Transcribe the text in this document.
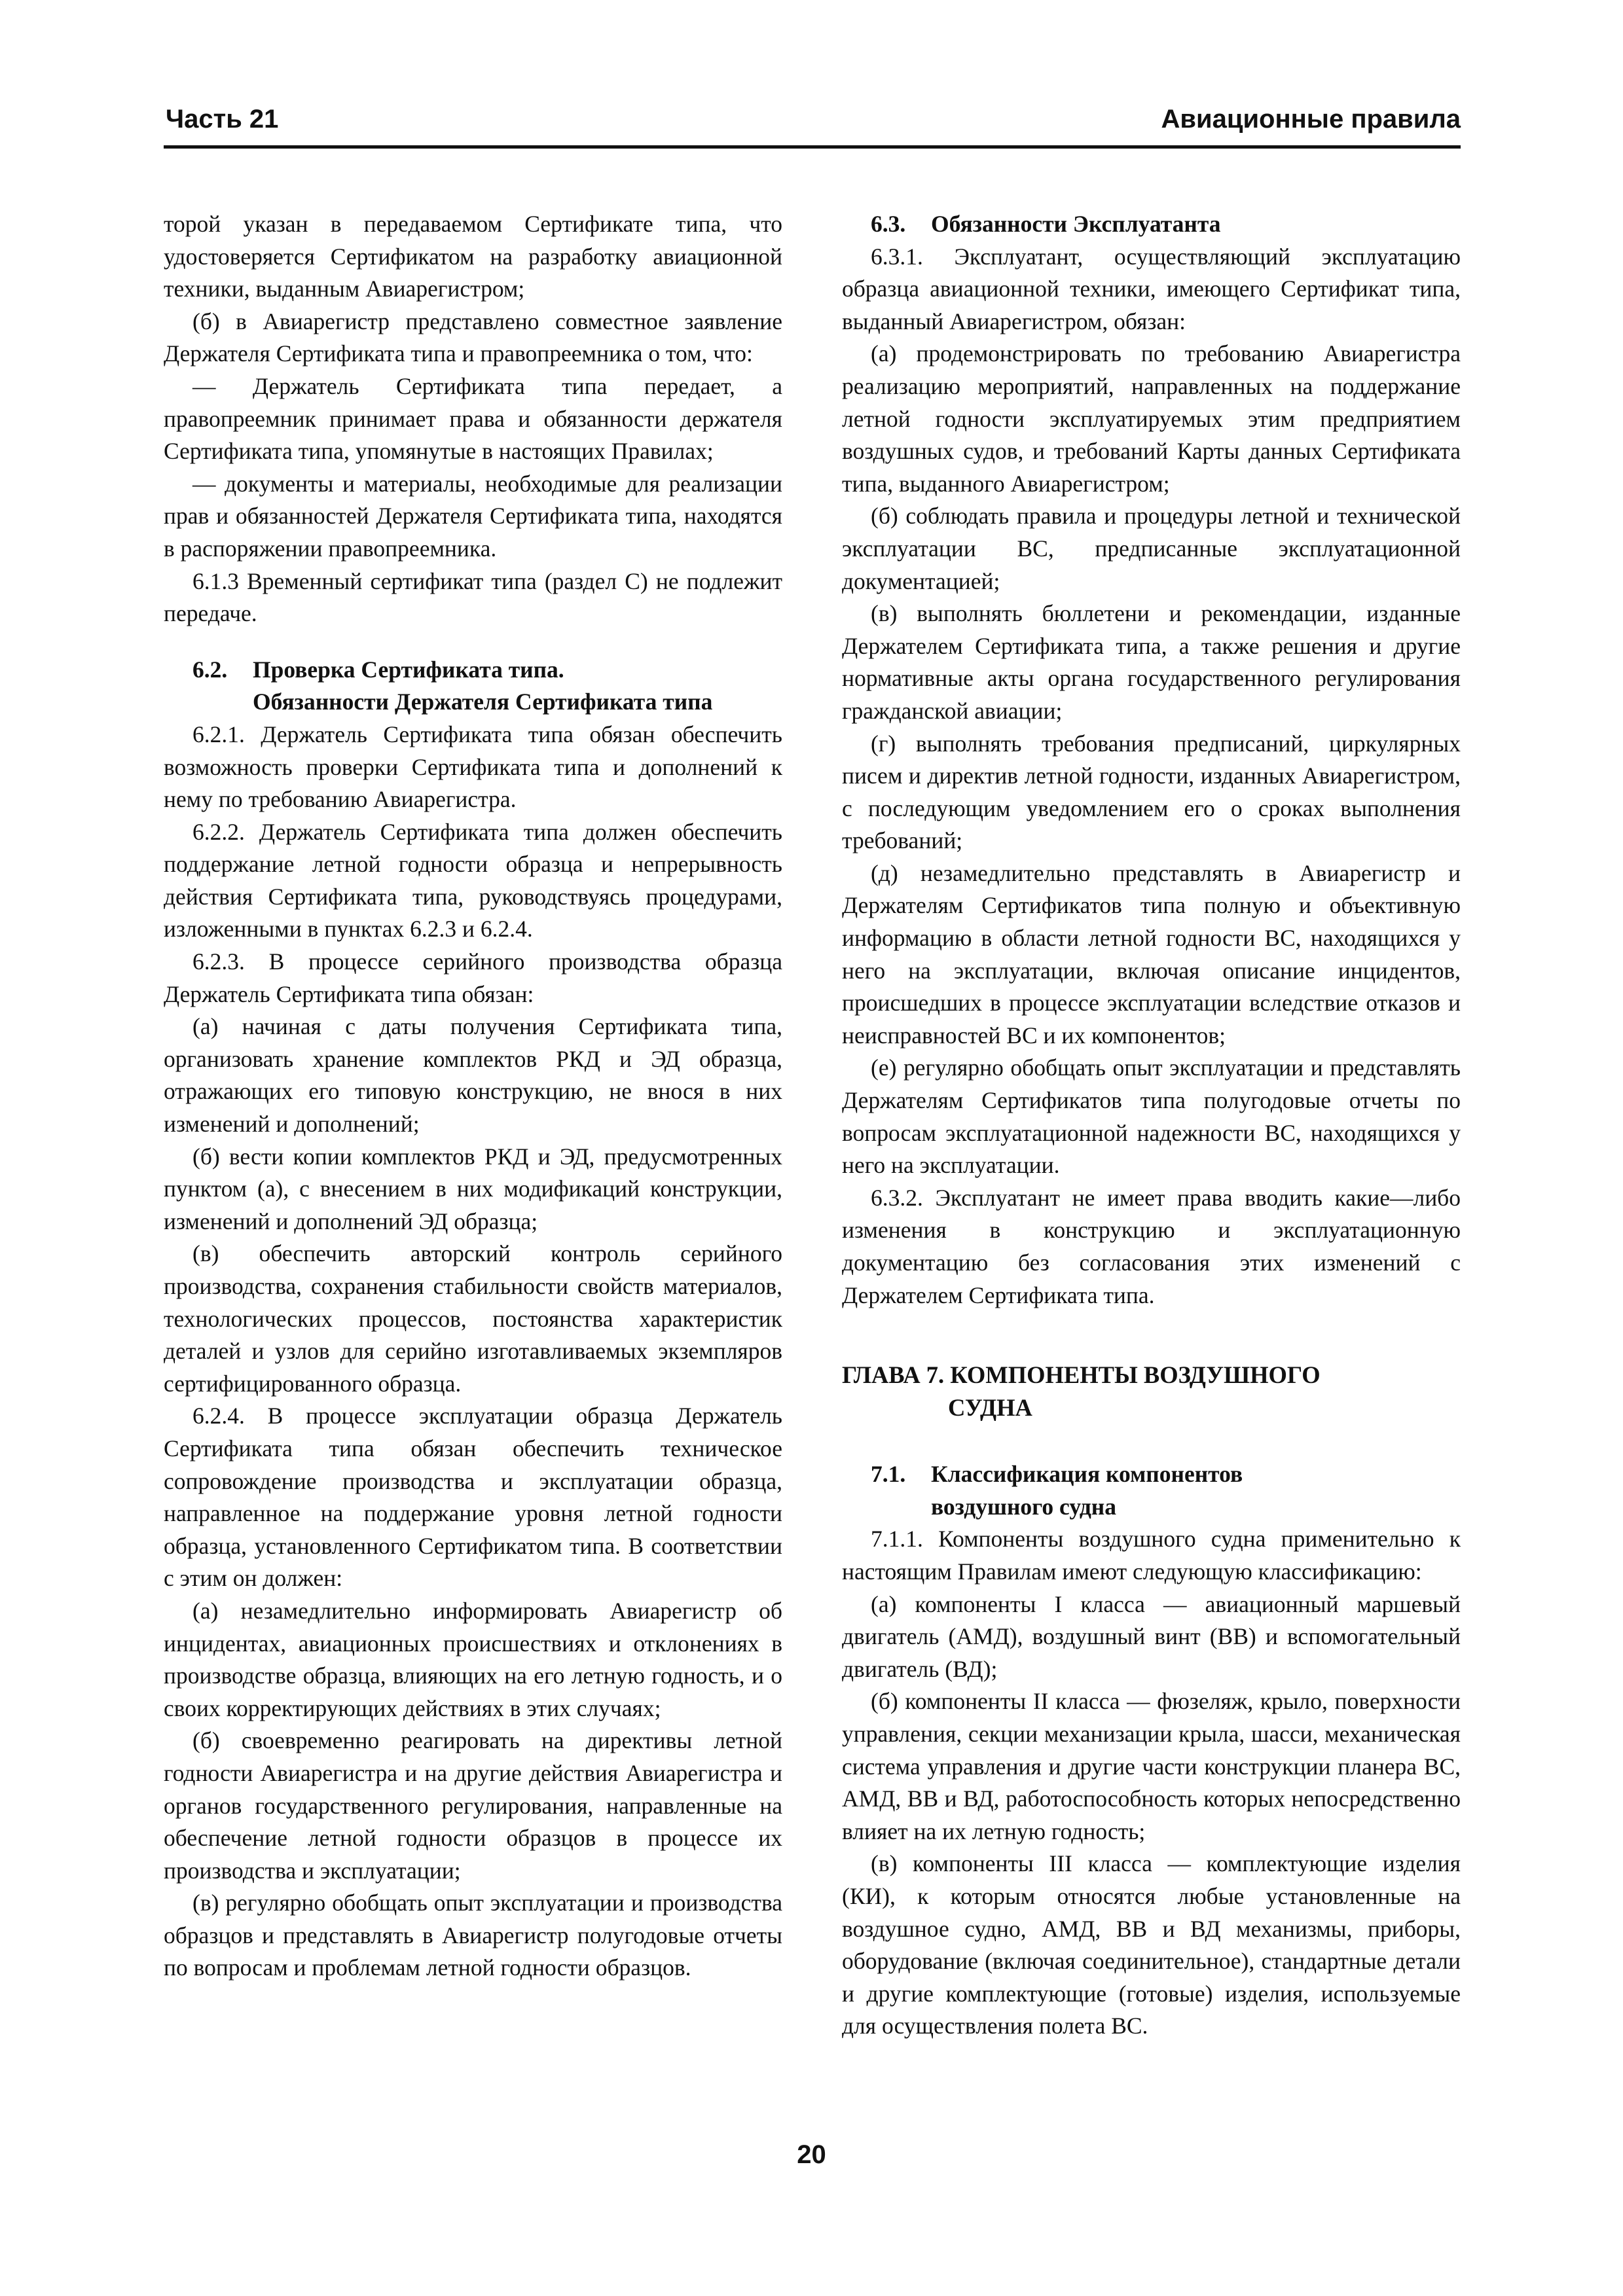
Часть 21	Авиационные правила

торой указан в передаваемом Сертификате типа, что удостоверяется Сертификатом на разработку авиационной техники, выданным Авиарегистром;

(б) в Авиарегистр представлено совместное заявление Держателя Сертификата типа и правопреемника о том, что:

— Держатель Сертификата типа передает, а правопреемник принимает права и обязанности держателя Сертификата типа, упомянутые в настоящих Правилах;

— документы и материалы, необходимые для реализации прав и обязанностей Держателя Сертификата типа, находятся в распоряжении правопреемника.

6.1.3 Временный сертификат типа (раздел С) не подлежит передаче.

6.2. Проверка Сертификата типа.
Обязанности Держателя Сертификата типа

6.2.1. Держатель Сертификата типа обязан обеспечить возможность проверки Сертификата типа и дополнений к нему по требованию Авиарегистра.

6.2.2. Держатель Сертификата типа должен обеспечить поддержание летной годности образца и непрерывность действия Сертификата типа, руководствуясь процедурами, изложенными в пунктах 6.2.3 и 6.2.4.

6.2.3. В процессе серийного производства образца Держатель Сертификата типа обязан:

(а) начиная с даты получения Сертификата типа, организовать хранение комплектов РКД и ЭД образца, отражающих его типовую конструкцию, не внося в них изменений и дополнений;

(б) вести копии комплектов РКД и ЭД, предусмотренных пунктом (а), с внесением в них модификаций конструкции, изменений и дополнений ЭД образца;

(в) обеспечить авторский контроль серийного производства, сохранения стабильности свойств материалов, технологических процессов, постоянства характеристик деталей и узлов для серийно изготавливаемых экземпляров сертифицированного образца.

6.2.4. В процессе эксплуатации образца Держатель Сертификата типа обязан обеспечить техническое сопровождение производства и эксплуатации образца, направленное на поддержание уровня летной годности образца, установленного Сертификатом типа. В соответствии с этим он должен:

(а) незамедлительно информировать Авиарегистр об инцидентах, авиационных происшествиях и отклонениях в производстве образца, влияющих на его летную годность, и о своих корректирующих действиях в этих случаях;

(б) своевременно реагировать на директивы летной годности Авиарегистра и на другие действия Авиарегистра и органов государственного регулирования, направленные на обеспечение летной годности образцов в процессе их производства и эксплуатации;

(в) регулярно обобщать опыт эксплуатации и производства образцов и представлять в Авиарегистр полугодовые отчеты по вопросам и проблемам летной годности образцов.

6.3. Обязанности Эксплуатанта

6.3.1. Эксплуатант, осуществляющий эксплуатацию образца авиационной техники, имеющего Сертификат типа, выданный Авиарегистром, обязан:

(а) продемонстрировать по требованию Авиарегистра реализацию мероприятий, направленных на поддержание летной годности эксплуатируемых этим предприятием воздушных судов, и требований Карты данных Сертификата типа, выданного Авиарегистром;

(б) соблюдать правила и процедуры летной и технической эксплуатации ВС, предписанные эксплуатационной документацией;

(в) выполнять бюллетени и рекомендации, изданные Держателем Сертификата типа, а также решения и другие нормативные акты органа государственного регулирования гражданской авиации;

(г) выполнять требования предписаний, циркулярных писем и директив летной годности, изданных Авиарегистром, с последующим уведомлением его о сроках выполнения требований;

(д) незамедлительно представлять в Авиарегистр и Держателям Сертификатов типа полную и объективную информацию в области летной годности ВС, находящихся у него на эксплуатации, включая описание инцидентов, происшедших в процессе эксплуатации вследствие отказов и неисправностей ВС и их компонентов;

(е) регулярно обобщать опыт эксплуатации и представлять Держателям Сертификатов типа полугодовые отчеты по вопросам эксплуатационной надежности ВС, находящихся у него на эксплуатации.

6.3.2. Эксплуатант не имеет права вводить какие—либо изменения в конструкцию и эксплуатационную документацию без согласования этих изменений с Держателем Сертификата типа.

ГЛАВА 7. КОМПОНЕНТЫ ВОЗДУШНОГО
СУДНА
7.1. Классификация компонентов
воздушного судна

7.1.1. Компоненты воздушного судна применительно к настоящим Правилам имеют следующую классификацию:

(а) компоненты I класса — авиационный маршевый двигатель (АМД), воздушный винт (ВВ) и вспомогательный двигатель (ВД);

(б) компоненты II класса — фюзеляж, крыло, поверхности управления, секции механизации крыла, шасси, механическая система управления и другие части конструкции планера ВС, АМД, ВВ и ВД, работоспособность которых непосредственно влияет на их летную годность;

(в) компоненты III класса — комплектующие изделия (КИ), к которым относятся любые установленные на воздушное судно, АМД, ВВ и ВД механизмы, приборы, оборудование (включая соединительное), стандартные детали и другие комплектующие (готовые) изделия, используемые для осуществления полета ВС.

20
